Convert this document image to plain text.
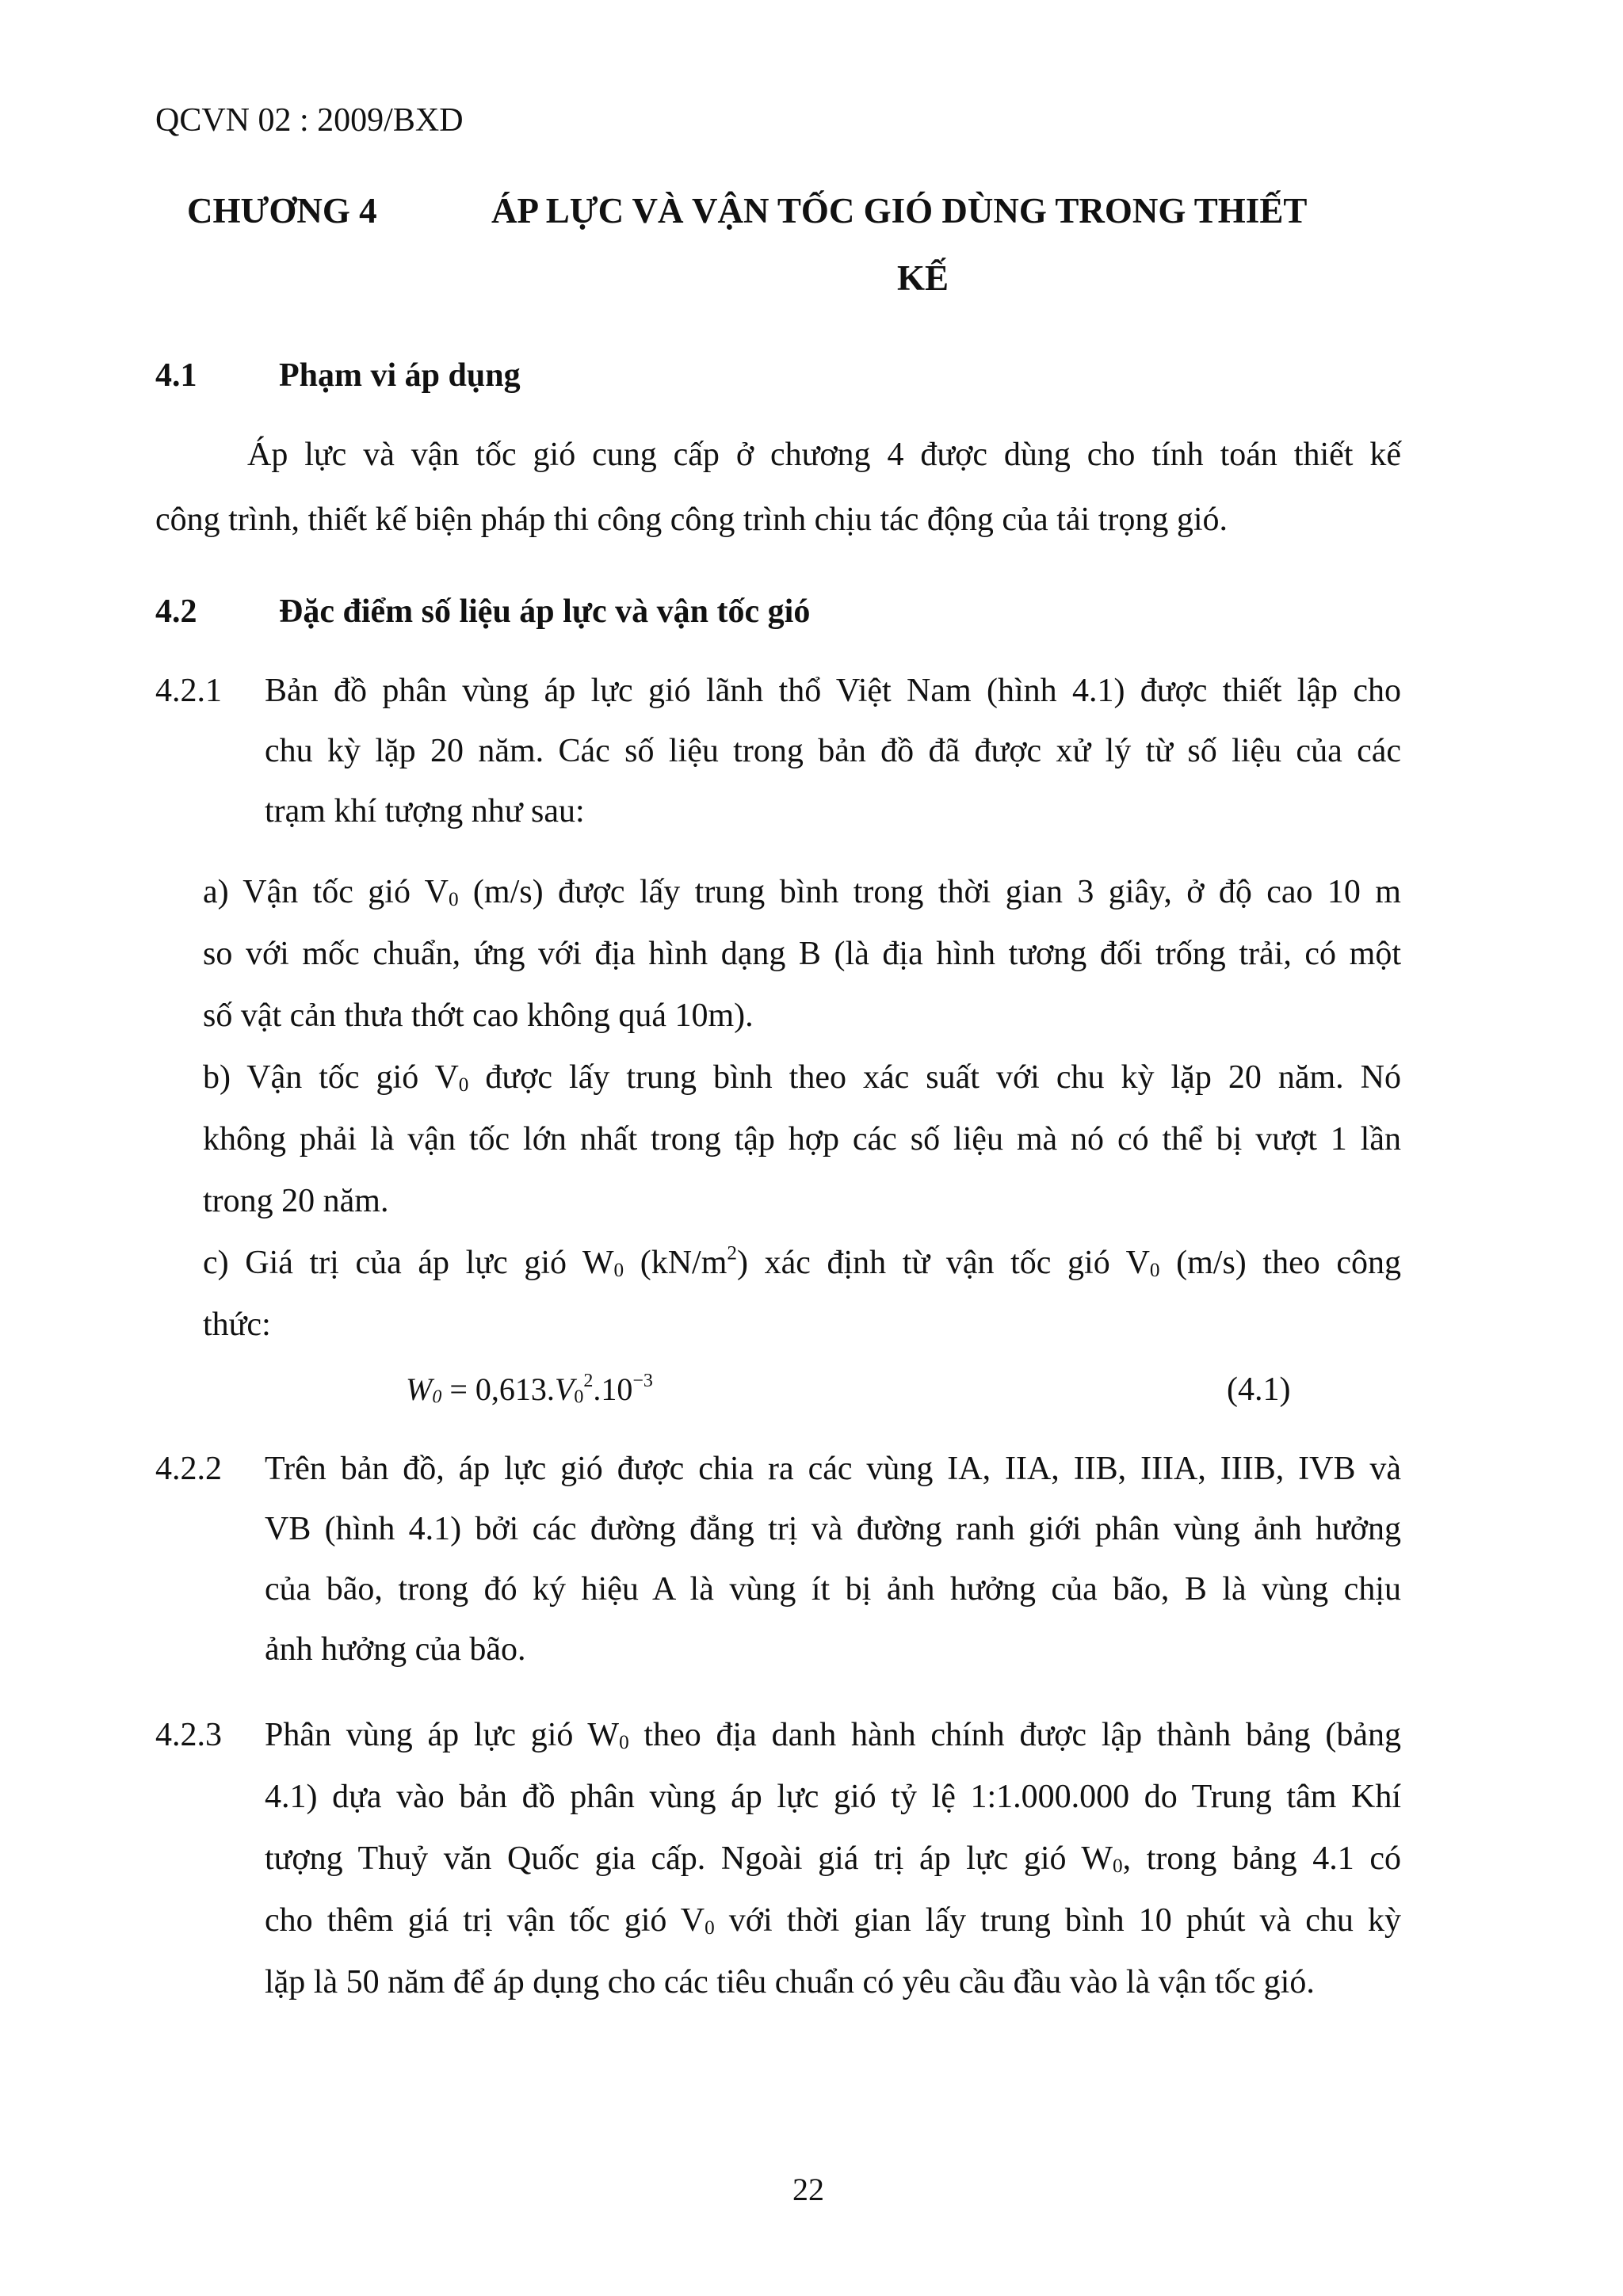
QCVN 02 : 2009/BXD
CHƯƠNG 4	ÁP LỰC VÀ VẬN TỐC GIÓ DÙNG TRONG THIẾT
KẾ
4.1 Phạm vi áp dụng
Áp lực và vận tốc gió cung cấp ở chương 4 được dùng cho tính toán thiết kế
công trình, thiết kế biện pháp thi công công trình chịu tác động của tải trọng gió.
4.2 Đặc điểm số liệu áp lực và vận tốc gió
4.2.1 Bản đồ phân vùng áp lực gió lãnh thổ Việt Nam (hình 4.1) được thiết lập cho
chu kỳ lặp 20 năm. Các số liệu trong bản đồ đã được xử lý từ số liệu của các
trạm khí tượng như sau:
a) Vận tốc gió $V_0$ (m/s) được lấy trung bình trong thời gian 3 giây, ở độ cao 10 m
so với mốc chuẩn, ứng với địa hình dạng B (là địa hình tương đối trống trải, có một
số vật cản thưa thớt cao không quá 10m).
b) Vận tốc gió $V_0$ được lấy trung bình theo xác suất với chu kỳ lặp 20 năm. Nó
không phải là vận tốc lớn nhất trong tập hợp các số liệu mà nó có thể bị vượt 1 lần
trong 20 năm.
c) Giá trị của áp lực gió $W_0$ $(kN/m^2)$ xác định từ vận tốc gió $V_0$ (m/s) theo công
thức:
$W_0 = 0,613.V_0^2.10^{-3}$	(4.1)
4.2.2 Trên bản đồ, áp lực gió được chia ra các vùng IA, IIA, IIB, IIIA, IIIB, IVB và
VB (hình 4.1) bởi các đường đẳng trị và đường ranh giới phân vùng ảnh hưởng
của bão, trong đó ký hiệu A là vùng ít bị ảnh hưởng của bão, B là vùng chịu
ảnh hưởng của bão.
4.2.3 Phân vùng áp lực gió $W_0$ theo địa danh hành chính được lập thành bảng (bảng
4.1) dựa vào bản đồ phân vùng áp lực gió tỷ lệ 1:1.000.000 do Trung tâm Khí
tượng Thuỷ văn Quốc gia cấp. Ngoài giá trị áp lực gió $W_0$, trong bảng 4.1 có
cho thêm giá trị vận tốc gió $V_0$ với thời gian lấy trung bình 10 phút và chu kỳ
lặp là 50 năm để áp dụng cho các tiêu chuẩn có yêu cầu đầu vào là vận tốc gió.
22
